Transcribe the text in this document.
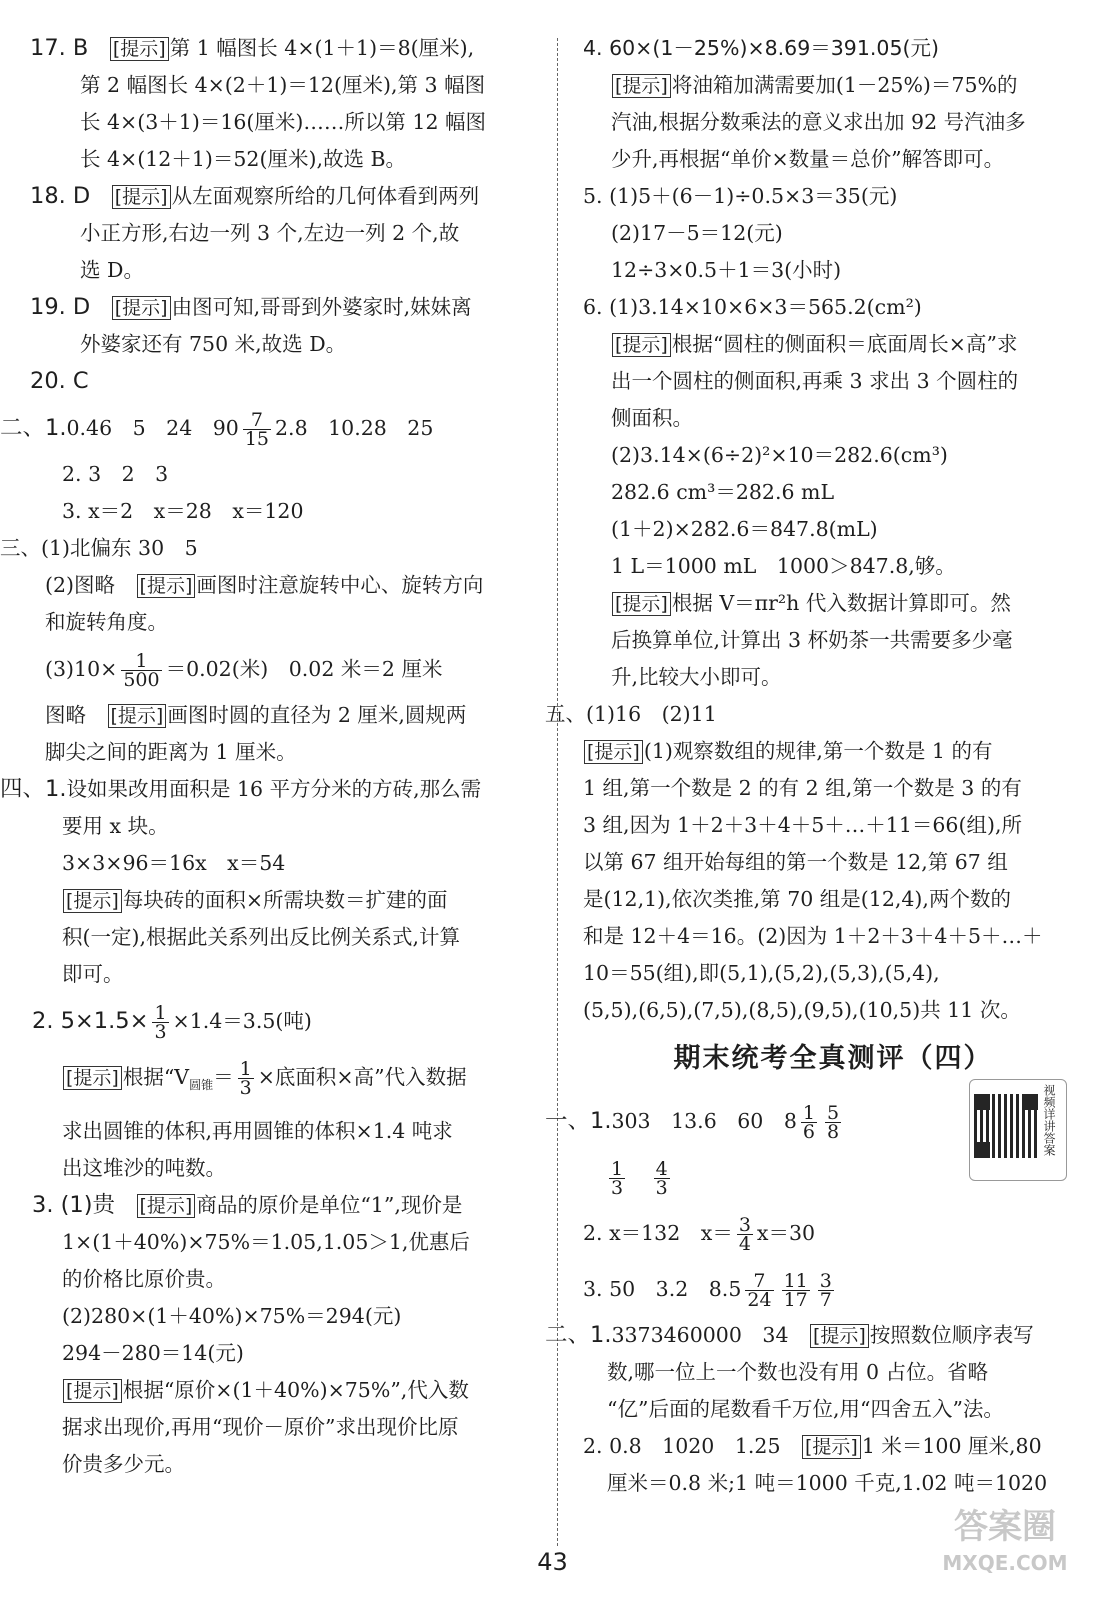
17. B　 [提示] 第 1 幅图长 4×(1＋1)＝8(厘米),
第 2 幅图长 4×(2＋1)＝12(厘米),第 3 幅图
长 4×(3＋1)＝16(厘米)……所以第 12 幅图
长 4×(12＋1)＝52(厘米),故选 B。
18. D　 [提示] 从左面观察所给的几何体看到两列
小正方形,右边一列 3 个,左边一列 2 个,故
选 D。
19. D　 [提示] 由图可知,哥哥到外婆家时,妹妹离
外婆家还有 750 米,故选 D。
20. C
二、1.0.46　5　24　$90 \frac{7}{15} 2.8$　10.28　25
2. 3　2　3
3. x＝2　x＝28　x＝120
三、(1)北偏东 30　5
(2)图略　 [提示] 画图时注意旋转中心、旋转方向
和旋转角度。
$(3)10\times \frac{1}{500} =0.02$(米)　0.02 米＝2 厘米
图略　 [提示] 画图时圆的直径为 2 厘米,圆规两
脚尖之间的距离为 1 厘米。
四、1.设如果改用面积是 16 平方分米的方砖,那么需
要用 x 块。
3×3×96＝16x　x＝54
[提示] 每块砖的面积×所需块数＝扩建的面
积(一定),根据此关系列出反比例关系式,计算
即可。
2. $5\times 1.5\times \frac{1}{3} \times 1.4=3.5$(吨)
[提示] 根据“$V_{圆锥}= \frac{1}{3}$ ×底面积×高”代入数据
求出圆锥的体积,再用圆锥的体积×1.4 吨求
出这堆沙的吨数。
3. (1)贵　 [提示] 商品的原价是单位“1”,现价是
1×(1＋40%)×75%＝1.05,1.05＞1,优惠后
的价格比原价贵。
(2)280×(1＋40%)×75%＝294(元)
294－280＝14(元)
[提示] 根据“原价×(1＋40%)×75%”,代入数
据求出现价,再用“现价－原价”求出现价比原
价贵多少元。
4. 60×(1－25%)×8.69＝391.05(元)
[提示] 将油箱加满需要加(1－25%)＝75%的
汽油,根据分数乘法的意义求出加 92 号汽油多
少升,再根据“单价×数量＝总价”解答即可。
5. (1)5＋(6－1)÷0.5×3＝35(元)
(2)17－5＝12(元)
12÷3×0.5＋1＝3(小时)
6. (1)3.14×10×6×3＝565.2(cm²)
[提示] 根据“圆柱的侧面积＝底面周长×高”求
出一个圆柱的侧面积,再乘 3 求出 3 个圆柱的
侧面积。
(2)3.14×(6÷2)²×10＝282.6(cm³)
282.6 cm³＝282.6 mL
(1＋2)×282.6＝847.8(mL)
1 L＝1000 mL　1000＞847.8,够。
[提示] 根据 V＝πr²h 代入数据计算即可。然
后换算单位,计算出 3 杯奶茶一共需要多少毫
升,比较大小即可。
五、(1)16　(2)11
[提示] (1)观察数组的规律,第一个数是 1 的有
1 组,第一个数是 2 的有 2 组,第一个数是 3 的有
3 组,因为 1＋2＋3＋4＋5＋…＋11＝66(组),所
以第 67 组开始每组的第一个数是 12,第 67 组
是(12,1),依次类推,第 70 组是(12,4),两个数的
和是 12＋4＝16。(2)因为 1＋2＋3＋4＋5＋…＋
10＝55(组),即(5,1),(5,2),(5,3),(5,4),
(5,5),(6,5),(7,5),(8,5),(9,5),(10,5)共 11 次。
期末统考全真测评（四）
一、1.303　13.6　60　$8 \frac{1}{6} \frac{5}{8}$
$\frac{1}{3}$
　 $\frac{4}{3}$
2. x＝132　$x= \frac{3}{4} x=30$
3. 50　3.2　$8.5 \frac{7}{24} \frac{11}{17} \frac{3}{7}$
二、1.3373460000　34　 [提示] 按照数位顺序表写
数,哪一位上一个数也没有用 0 占位。省略
“亿”后面的尾数看千万位,用“四舍五入”法。
2. 0.8　1020　1.25　 [提示] 1 米＝100 厘米,80
厘米＝0.8 米;1 吨＝1000 千克,1.02 吨＝1020
视频详讲答案
43
答案圈
MXQE.COM
